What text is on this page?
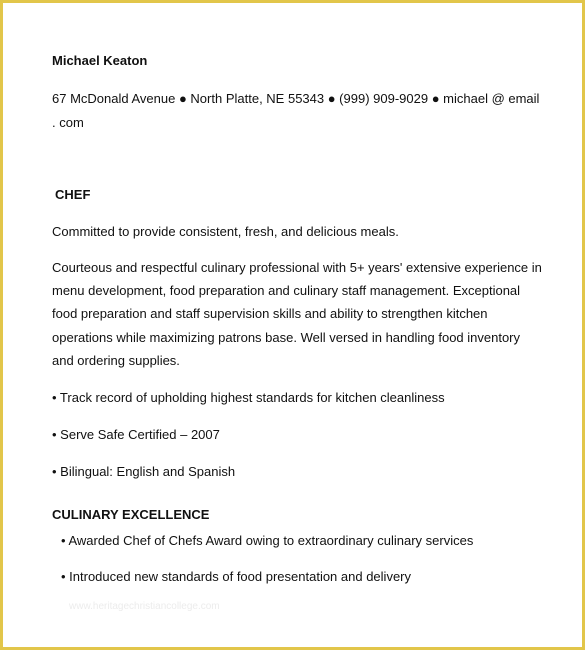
Michael Keaton
67 McDonald Avenue ● North Platte, NE 55343 ● (999) 909-9029 ● michael @ email . com
CHEF
Committed to provide consistent, fresh, and delicious meals.
Courteous and respectful culinary professional with 5+ years' extensive experience in menu development, food preparation and culinary staff management. Exceptional food preparation and staff supervision skills and ability to strengthen kitchen operations while maximizing patrons base. Well versed in handling food inventory and ordering supplies.
• Track record of upholding highest standards for kitchen cleanliness
• Serve Safe Certified – 2007
• Bilingual: English and Spanish
CULINARY EXCELLENCE
• Awarded Chef of Chefs Award owing to extraordinary culinary services
• Introduced new standards of food presentation and delivery
www.heritagechristiancollege.com
